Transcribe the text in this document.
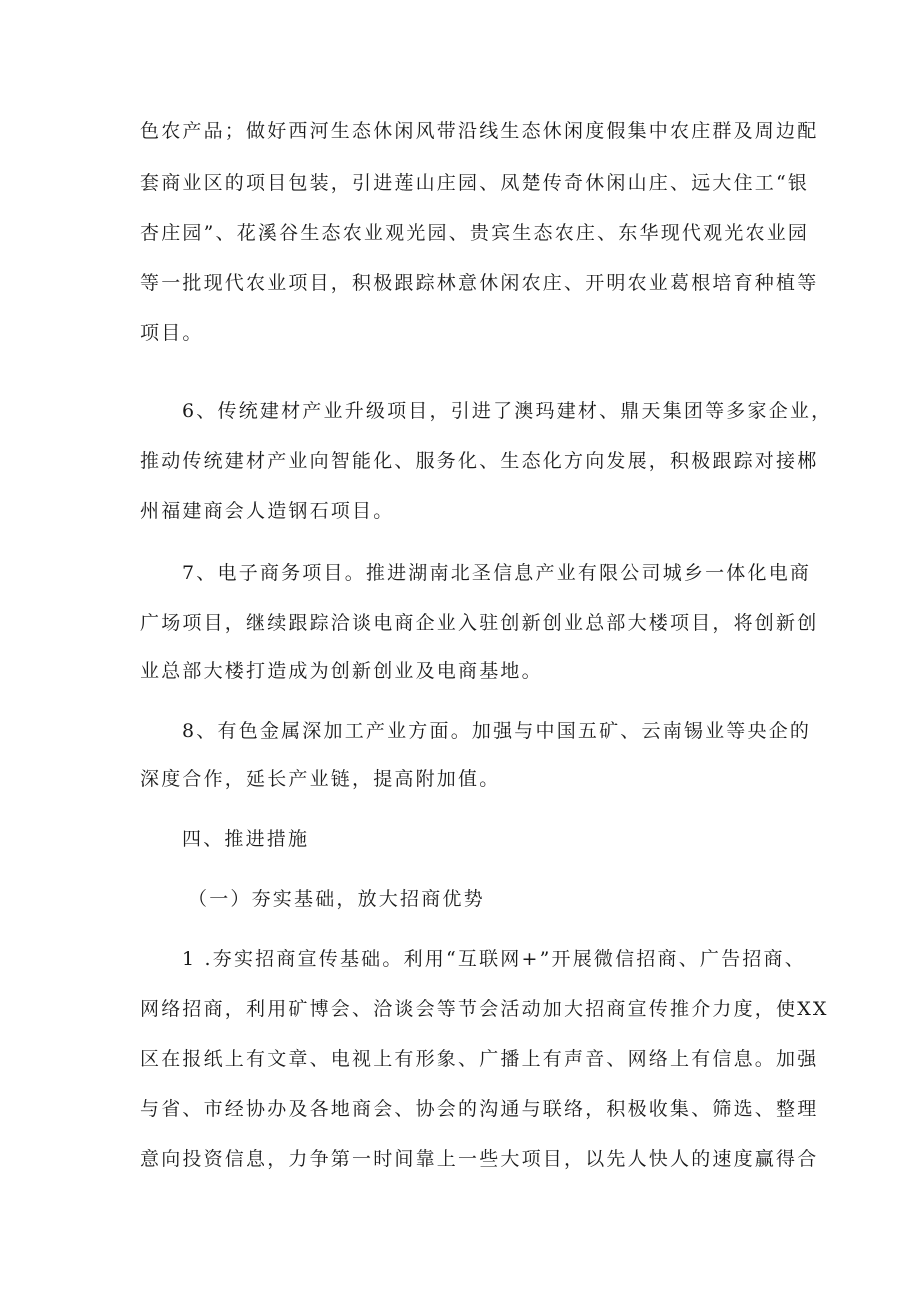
色农产品；做好西河生态休闲风带沿线生态休闲度假集中农庄群及周边配
套商业区的项目包装，引进莲山庄园、凤楚传奇休闲山庄、远大住工“银
杏庄园”、花溪谷生态农业观光园、贵宾生态农庄、东华现代观光农业园
等一批现代农业项目，积极跟踪林意休闲农庄、开明农业葛根培育种植等
项目。
6、传统建材产业升级项目，引进了澳玛建材、鼎天集团等多家企业，
推动传统建材产业向智能化、服务化、生态化方向发展，积极跟踪对接郴
州福建商会人造钢石项目。
7、电子商务项目。推进湖南北圣信息产业有限公司城乡一体化电商
广场项目，继续跟踪洽谈电商企业入驻创新创业总部大楼项目，将创新创
业总部大楼打造成为创新创业及电商基地。
8、有色金属深加工产业方面。加强与中国五矿、云南锡业等央企的
深度合作，延长产业链，提高附加值。
四、推进措施
（一）夯实基础，放大招商优势
1 .夯实招商宣传基础。利用“互联网+”开展微信招商、广告招商、
网络招商，利用矿博会、洽谈会等节会活动加大招商宣传推介力度，使XX
区在报纸上有文章、电视上有形象、广播上有声音、网络上有信息。加强
与省、市经协办及各地商会、协会的沟通与联络，积极收集、筛选、整理
意向投资信息，力争第一时间靠上一些大项目，以先人快人的速度赢得合
